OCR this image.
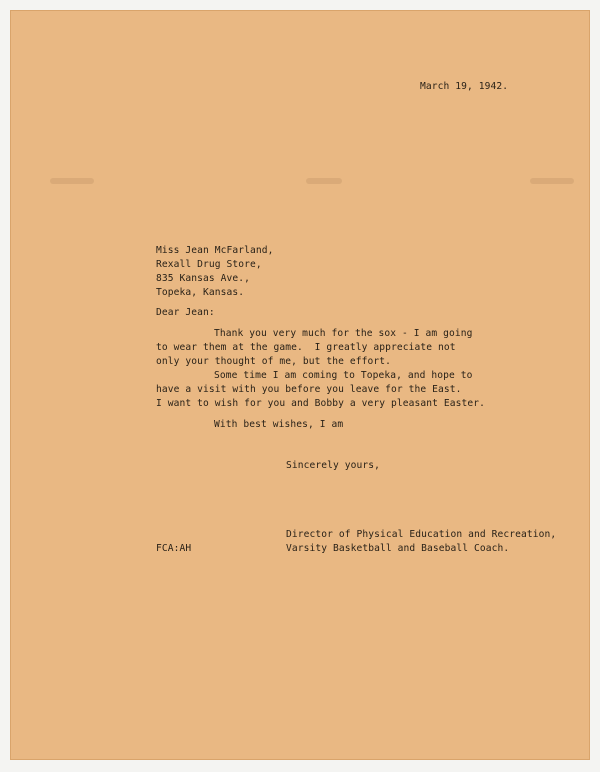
March 19, 1942.
Miss Jean McFarland,
Rexall Drug Store,
835 Kansas Ave.,
Topeka, Kansas.
Dear Jean:
Thank you very much for the sox - I am going
to wear them at the game.  I greatly appreciate not
only your thought of me, but the effort.
Some time I am coming to Topeka, and hope to
have a visit with you before you leave for the East.
I want to wish for you and Bobby a very pleasant Easter.
With best wishes, I am
Sincerely yours,
Director of Physical Education and Recreation,
Varsity Basketball and Baseball Coach.
FCA:AH
